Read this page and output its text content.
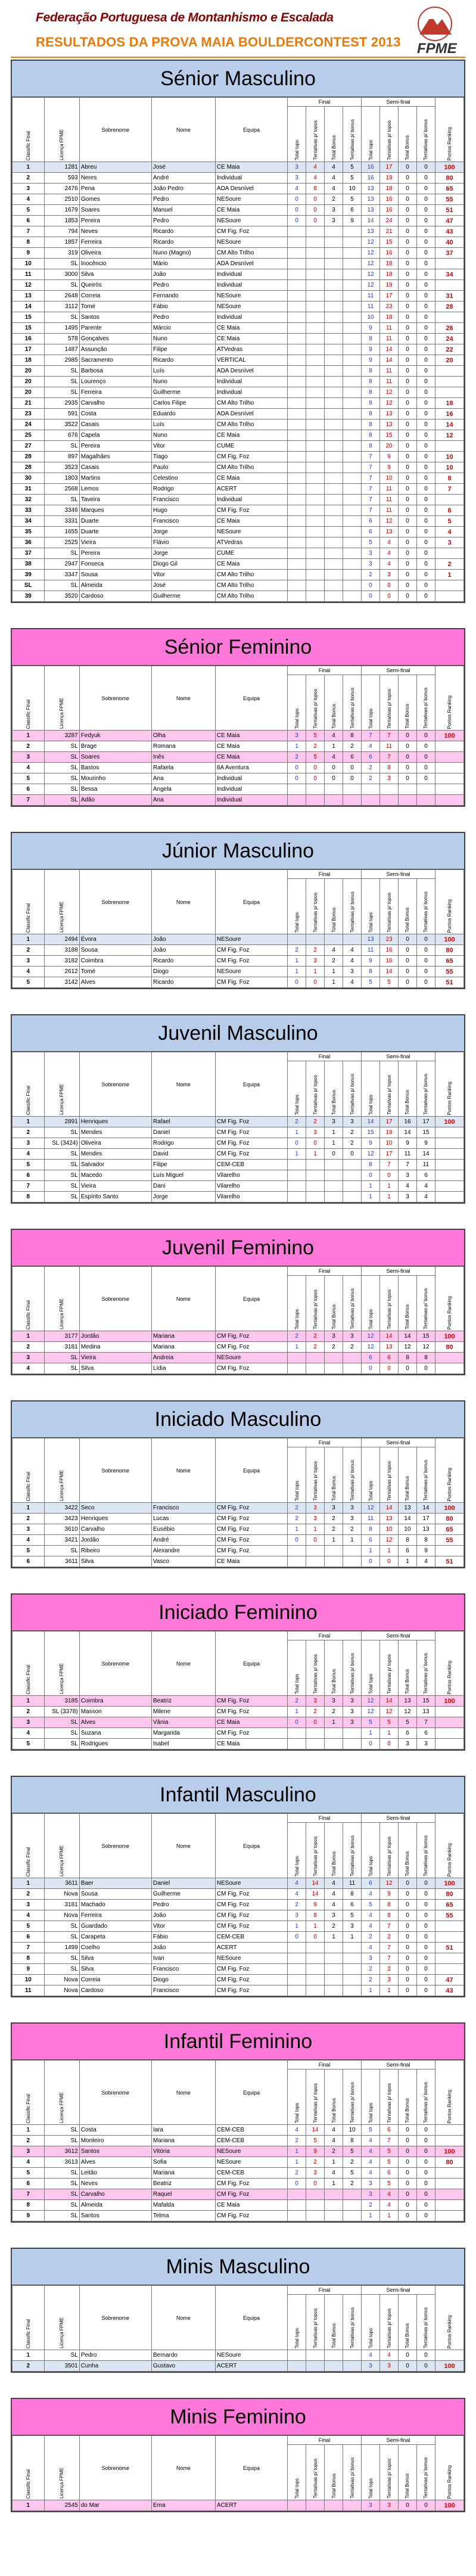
Federação Portuguesa de Montanhismo e Escalada
RESULTADOS DA PROVA MAIA BOULDERCONTEST 2013 FPME
Sénior Masculino
Classific Final	Licença FPME	Sobrenome	Nome	Equipa	Final				Semi-final				Pontos Ranking
					Total tops	Tentativas p/ topos	Total Bonus	Tentativas p/ bonus	Total tops	Tentativas p/ topos	Total Bonus	Tentativas p/ bonus	
1	1281	Abreu	José	CE Maia	3	4	4	5	16	17	0	0	100
2	593	Neres	André	Individual	3	4	4	5	16	19	0	0	80
3	2476	Pena	João Pedro	ADA Desnível	4	8	4	10	13	18	0	0	65
4	2510	Gomes	Pedro	NESoure	0	0	2	5	13	16	0	0	55
5	1679	Soares	Manuel	CE Maia	0	0	3	6	13	16	0	0	51
6	1853	Pereira	Pedro	NESoure	0	0	3	9	14	24	0	0	47
7	794	Neves	Ricardo	CM Fig. Foz					13	21	0	0	43
8	1857	Ferreira	Ricardo	NESoure					12	15	0	0	40
9	319	Oliveira	Nuno (Magno)	CM Alto Trilho					12	16	0	0	37
10	SL	Inocêncio	Mário	ADA Desnível					12	18	0	0	
11	3000	Silva	João	Individual					12	18	0	0	34
12	SL	Queirós	Pedro	Individual					12	19	0	0	
13	2648	Correia	Fernando	NESoure					11	17	0	0	31
14	3112	Tomé	Fábio	NESoure					11	23	0	0	28
15	SL	Santos	Pedro	Individual					10	18	0	0	
15	1495	Parente	Márcio	CE Maia					9	11	0	0	26
16	578	Gonçalves	Nuno	CE Maia					9	11	0	0	24
17	1487	Assunção	Filipe	ATVedras					9	14	0	0	22
18	2985	Sacramento	Ricardo	VERTICAL					9	14	0	0	20
20	SL	Barbosa	Luís	ADA Desnível					8	11	0	0	
20	SL	Lourenço	Nuno	Individual					8	11	0	0	
20	SL	Ferreira	Guilherme	Individual					8	12	0	0	
21	2935	Carvalho	Carlos Filipe	CM Alto Trilho					8	12	0	0	18
23	591	Costa	Eduardo	ADA Desnível					8	13	0	0	16
24	3522	Casais	Luís	CM Alto Trilho					8	13	0	0	14
25	676	Capela	Nuno	CE Maia					8	15	0	0	12
27	SL	Pereira	Vitor	CUME					8	20	0	0	
28	897	Magalhães	Tiago	CM Fig. Foz					7	9	0	0	10
28	3523	Casais	Paulo	CM Alto Trilho					7	9	0	0	10
30	1803	Martins	Celestino	CE Maia					7	10	0	0	8
31	2568	Lemos	Rodrigo	ACERT					7	11	0	0	7
32	SL	Taveira	Francisco	Individual					7	11	0	0	
33	3346	Marques	Hugo	CM Fig. Foz					7	11	0	0	6
34	3331	Duarte	Francisco	CE Maia					6	12	0	0	5
35	1655	Duarte	Jorge	NESoure					6	13	0	0	4
36	2525	Vieira	Flávio	ATVedras					5	4	0	0	3
37	SL	Pereira	Jorge	CUME					3	4	0	0	
38	2947	Fonseca	Diogo Gil	CE Maia					3	4	0	0	2
39	3347	Sousa	Vitor	CM Alto Trilho					2	3	0	0	1
SL	SL	Almeida	José	CM Alto Trilho					0	0	0	0	
39	3520	Cardoso	Guilherme	CM Alto Trilho					0	0	0	0	
Sénior Feminino
Classific Final	Licença FPME	Sobrenome	Nome	Equipa	Final				Semi-final				Pontos Ranking
					Total tops	Tentativas p/ topos	Total Bonus	Tentativas p/ bonus	Total tops	Tentativas p/ topos	Total Bonus	Tentativas p/ bonus	
1	3287	Fedyuk	Olha	CE Maia	3	5	4	8	7	7	0	0	100
2	SL	Brage	Romana	CE Maia	1	2	1	2	4	11	0	0	
3	SL	Soares	Inês	CE Maia	2	5	4	6	6	7	0	0	
4	SL	Bastos	Rafaela	8A Aventura	0	0	0	0	2	8	0	0	
5	SL	Mourinho	Ana	Individual	0	0	0	0	2	3	0	0	
6	SL	Bessa	Angela	Individual									
7	SL	Adão	Ana	Individual									
Júnior Masculino
Classific Final	Licença FPME	Sobrenome	Nome	Equipa	Final				Semi-final				Pontos Ranking
					Total tops	Tentativas p/ topos	Total Bonus	Tentativas p/ bonus	Total tops	Tentativas p/ topos	Total Bonus	Tentativas p/ bonus	
1	2494	Évora	João	NESoure					13	23	0	0	100
2	3188	Sousa	João	CM Fig. Foz	2	2	4	4	11	16	0	0	80
3	3182	Coimbra	Ricardo	CM Fig. Foz	1	3	2	4	9	16	0	0	65
4	2612	Tomé	Diogo	NESoure	1	1	1	3	8	14	0	0	55
5	3142	Alves	Ricardo	CM Fig. Foz	0	0	1	4	5	5	0	0	51
Juvenil Masculino
Classific Final	Licença FPME	Sobrenome	Nome	Equipa	Final				Semi-final				Pontos Ranking
					Total tops	Tentativas p/ topos	Total Bonus	Tentativas p/ bonus	Total tops	Tentativas p/ topos	Total Bonus	Tentativas p/ bonus	
1	2891	Henriques	Rafael	CM Fig. Foz	2	2	3	3	14	17	16	17	100
2	SL	Mendes	Daniel	CM Fig. Foz	1	3	1	2	15	19	14	15	
3	SL (3424)	Oliveira	Rodrigo	CM Fig. Foz	0	0	1	2	9	10	9	9	
4	SL	Mendes	David	CM Fig. Foz	1	1	0	0	12	17	11	14	
5	SL	Salvador	Filipe	CEM-CEB					8	7	7	11	
6	SL	Macedo	Luís Miguel	Vilarelho					0	0	3	6	
7	SL	Vieira	Dani	Vilarelho					1	1	4	4	
8	SL	Espírito Santo	Jorge	Vilarelho					1	1	3	4	
Juvenil Feminino
Classific Final	Licença FPME	Sobrenome	Nome	Equipa	Final				Semi-final				Pontos Ranking
					Total tops	Tentativas p/ topos	Total Bonus	Tentativas p/ bonus	Total tops	Tentativas p/ topos	Total Bonus	Tentativas p/ bonus	
1	3177	Jordão	Mariana	CM Fig. Foz	2	2	3	3	12	14	14	15	100
2	3181	Medina	Mariana	CM Fig. Foz	1	2	2	2	12	13	12	12	80
3	SL	Vieira	Andreia	NESoure					6	6	8	8	
4	SL	Silva	Lídia	CM Fig. Foz					0	0	0	0	
Iniciado Masculino
Classific Final	Licença FPME	Sobrenome	Nome	Equipa	Final				Semi-final				Pontos Ranking
					Total tops	Tentativas p/ topos	Total Bonus	Tentativas p/ bonus	Total tops	Tentativas p/ topos	Total Bonus	Tentativas p/ bonus	
1	3422	Seco	Francisco	CM Fig. Foz	2	3	3	3	12	14	13	14	100
2	3423	Henriques	Lucas	CM Fig. Foz	2	3	2	3	11	13	14	17	80
3	3610	Carvalho	Eusébio	CM Fig. Foz	1	1	2	2	8	10	10	13	65
4	3421	Jordão	André	CM Fig. Foz	0	0	1	1	6	12	8	8	55
5	SL	Ribeiro	Alexandre	CM Fig. Foz					1	1	6	9	
6	3611	Silva	Vasco	CE Maia					0	0	1	4	51
Iniciado Feminino
Classific Final	Licença FPME	Sobrenome	Nome	Equipa	Final				Semi-final				Pontos Ranking
					Total tops	Tentativas p/ topos	Total Bonus	Tentativas p/ bonus	Total tops	Tentativas p/ topos	Total Bonus	Tentativas p/ bonus	
1	3185	Coimbra	Beatriz	CM Fig. Foz	2	3	3	3	12	14	13	15	100
2	SL (3378)	Masson	Milene	CM Fig. Foz	1	2	2	3	12	12	12	13	
3	SL	Alves	Vânia	CE Maia	0	0	1	3	5	5	5	7	
4	SL	Suzana	Margarida	CM Fig. Foz					1	1	6	6	
5	SL	Rodrigues	Isabel	CE Maia					0	0	3	3	
Infantil Masculino
Classific Final	Licença FPME	Sobrenome	Nome	Equipa	Final				Semi-final				Pontos Ranking
					Total tops	Tentativas p/ topos	Total Bonus	Tentativas p/ bonus	Total tops	Tentativas p/ topos	Total Bonus	Tentativas p/ bonus	
1	3611	Baer	Daniel	NESoure	4	14	4	11	6	12	0	0	100
2	Nova	Sousa	Guilherme	CM Fig. Foz	4	14	4	8	4	9	0	0	80
3	3181	Machado	Pedro	CM Fig. Foz	2	9	4	6	5	8	0	0	65
4	Nova	Ferreira	João	CM Fig. Foz	3	8	3	5	4	8	0	0	55
5	SL	Guardado	Vitor	CM Fig. Foz	1	1	2	3	4	7	0	0	
6	SL	Carapeta	Fábio	CEM-CEB	0	0	1	1	2	2	0	0	
7	1499	Coelho	João	ACERT					4	7	0	0	51
8	SL	Silva	Ivan	NESoure					3	7	0	0	
9	SL	Silva	Francisco	CM Fig. Foz					2	2	0	0	
10	Nova	Correia	Diogo	CM Fig. Foz					2	3	0	0	47
11	Nova	Cardoso	Francisco	CM Fig. Foz					1	1	0	0	43
Infantil Feminino
Classific Final	Licença FPME	Sobrenome	Nome	Equipa	Final				Semi-final				Pontos Ranking
					Total tops	Tentativas p/ topos	Total Bonus	Tentativas p/ bonus	Total tops	Tentativas p/ topos	Total Bonus	Tentativas p/ bonus	
1	SL	Costa	Iara	CEM-CEB	4	14	4	10	5	6	0	0	
2	SL	Monteiro	Mariana	CEM-CEB	2	5	4	8	4	7	0	0	
3	3612	Santos	Vitória	NESoure	1	9	2	5	4	5	0	0	100
4	3613	Alves	Sofia	NESoure	1	2	1	2	4	5	0	0	80
5	SL	Leitão	Mariana	CEM-CEB	2	3	4	5	4	6	0	0	
6	SL	Neves	Beatriz	CM Fig. Foz	0	0	1	2	3	5	0	0	
7	SL	Carvalho	Raquel	CM Fig. Foz					3	4	0	0	
8	SL	Almeida	Mafalda	CE Maia					2	4	0	0	
9	SL	Santos	Telma	CM Fig. Foz					1	1	0	0	
Minis Masculino
Classific Final	Licença FPME	Sobrenome	Nome	Equipa	Final				Semi-final				Pontos Ranking
					Total tops	Tentativas p/ topos	Total Bonus	Tentativas p/ bonus	Total tops	Tentativas p/ topos	Total Bonus	Tentativas p/ bonus	
1	SL	Pedro	Bernardo	NESoure					4	4	0	0	
2	3501	Cunha	Gustavo	ACERT					3	3	0	0	100
Minis Feminino
Classific Final	Licença FPME	Sobrenome	Nome	Equipa	Final				Semi-final				Pontos Ranking
					Total tops	Tentativas p/ topos	Total Bonus	Tentativas p/ bonus	Total tops	Tentativas p/ topos	Total Bonus	Tentativas p/ bonus	
1	2545	do Mar	Ema	ACERT					3	3	0	0	100
